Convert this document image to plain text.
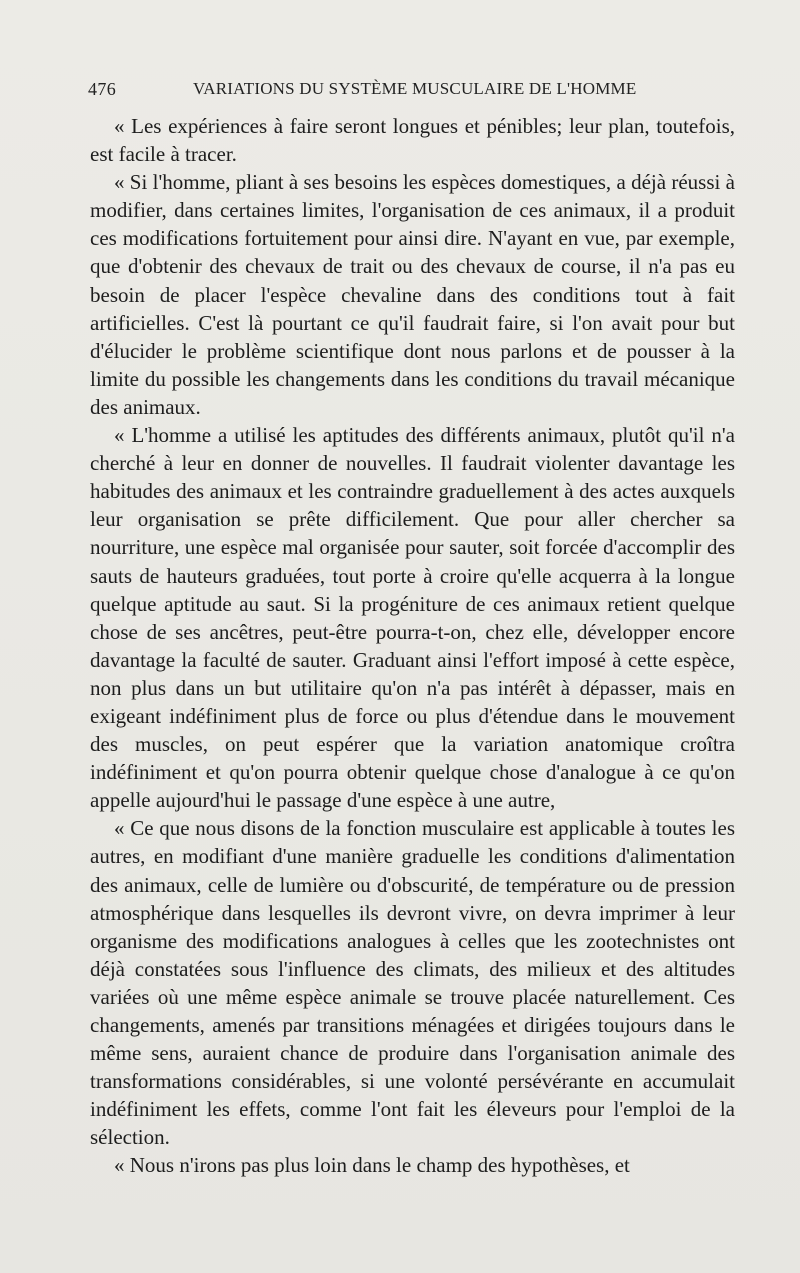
476	VARIATIONS DU SYSTÈME MUSCULAIRE DE L'HOMME

« Les expériences à faire seront longues et pénibles; leur plan, toutefois, est facile à tracer.

« Si l'homme, pliant à ses besoins les espèces domestiques, a déjà réussi à modifier, dans certaines limites, l'organisation de ces animaux, il a produit ces modifications fortuitement pour ainsi dire. N'ayant en vue, par exemple, que d'obtenir des chevaux de trait ou des chevaux de course, il n'a pas eu besoin de placer l'espèce chevaline dans des conditions tout à fait artificielles. C'est là pourtant ce qu'il faudrait faire, si l'on avait pour but d'élucider le problème scientifique dont nous parlons et de pousser à la limite du possible les changements dans les conditions du travail mécanique des animaux.

« L'homme a utilisé les aptitudes des différents animaux, plutôt qu'il n'a cherché à leur en donner de nouvelles. Il faudrait violenter davantage les habitudes des animaux et les contraindre graduellement à des actes auxquels leur organisation se prête difficilement. Que pour aller chercher sa nourriture, une espèce mal organisée pour sauter, soit forcée d'accomplir des sauts de hauteurs graduées, tout porte à croire qu'elle acquerra à la longue quelque aptitude au saut. Si la progéniture de ces animaux retient quelque chose de ses ancêtres, peut-être pourra-t-on, chez elle, développer encore davantage la faculté de sauter. Graduant ainsi l'effort imposé à cette espèce, non plus dans un but utilitaire qu'on n'a pas intérêt à dépasser, mais en exigeant indéfiniment plus de force ou plus d'étendue dans le mouvement des muscles, on peut espérer que la variation anatomique croîtra indéfiniment et qu'on pourra obtenir quelque chose d'analogue à ce qu'on appelle aujourd'hui le passage d'une espèce à une autre,

« Ce que nous disons de la fonction musculaire est applicable à toutes les autres, en modifiant d'une manière graduelle les conditions d'alimentation des animaux, celle de lumière ou d'obscurité, de température ou de pression atmosphérique dans lesquelles ils devront vivre, on devra imprimer à leur organisme des modifications analogues à celles que les zootechnistes ont déjà constatées sous l'influence des climats, des milieux et des altitudes variées où une même espèce animale se trouve placée naturellement. Ces changements, amenés par transitions ménagées et dirigées toujours dans le même sens, auraient chance de produire dans l'organisation animale des transformations considérables, si une volonté persévérante en accumulait indéfiniment les effets, comme l'ont fait les éleveurs pour l'emploi de la sélection.

« Nous n'irons pas plus loin dans le champ des hypothèses, et
